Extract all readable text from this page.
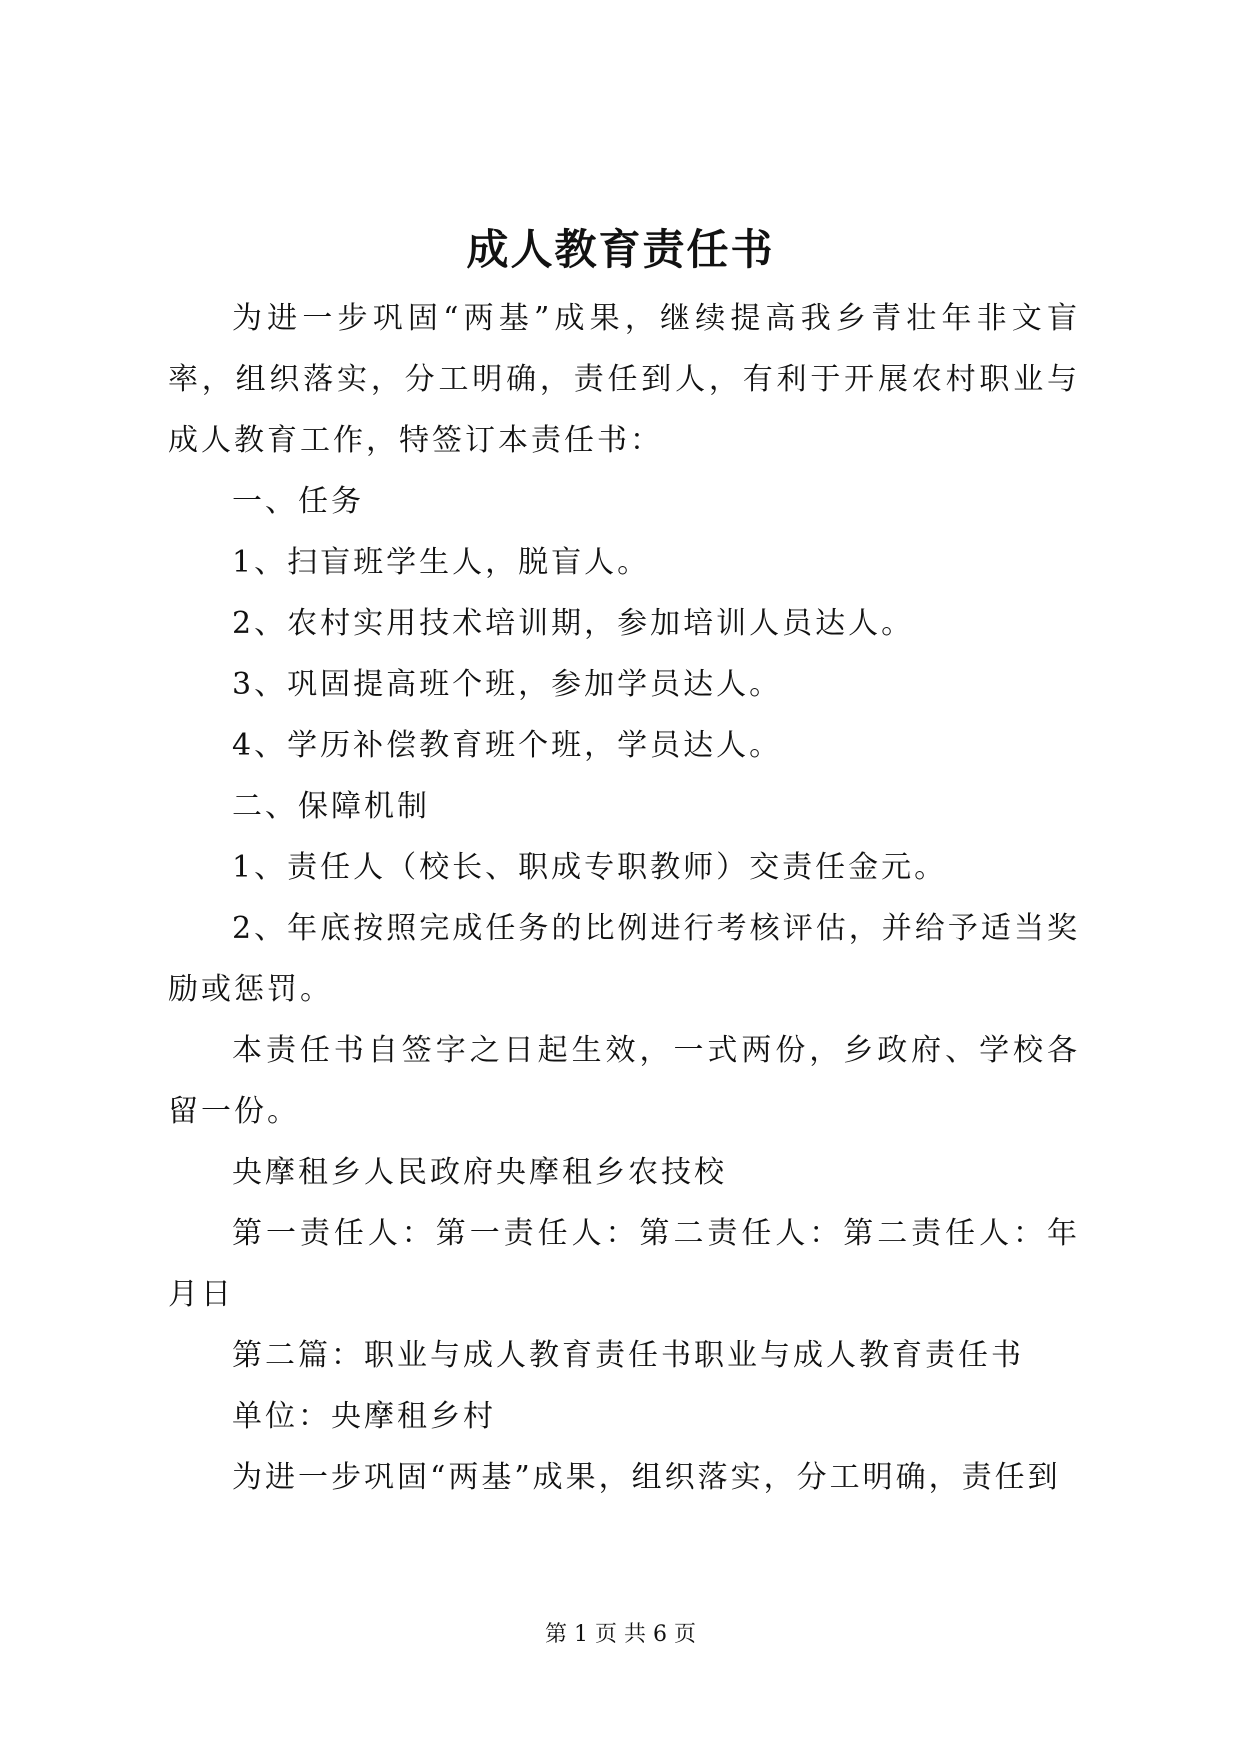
成人教育责任书

为进一步巩固“两基”成果，继续提高我乡青壮年非文盲率，组织落实，分工明确，责任到人，有利于开展农村职业与成人教育工作，特签订本责任书：

一、任务

1、扫盲班学生人，脱盲人。

2、农村实用技术培训期，参加培训人员达人。

3、巩固提高班个班，参加学员达人。

4、学历补偿教育班个班，学员达人。

二、保障机制

1、责任人（校长、职成专职教师）交责任金元。

2、年底按照完成任务的比例进行考核评估，并给予适当奖励或惩罚。

本责任书自签字之日起生效，一式两份，乡政府、学校各留一份。

央摩租乡人民政府央摩租乡农技校

第一责任人：第一责任人：第二责任人：第二责任人：年月日

第二篇：职业与成人教育责任书职业与成人教育责任书

单位：央摩租乡村

为进一步巩固“两基”成果，组织落实，分工明确，责任到

第 1 页 共 6 页
